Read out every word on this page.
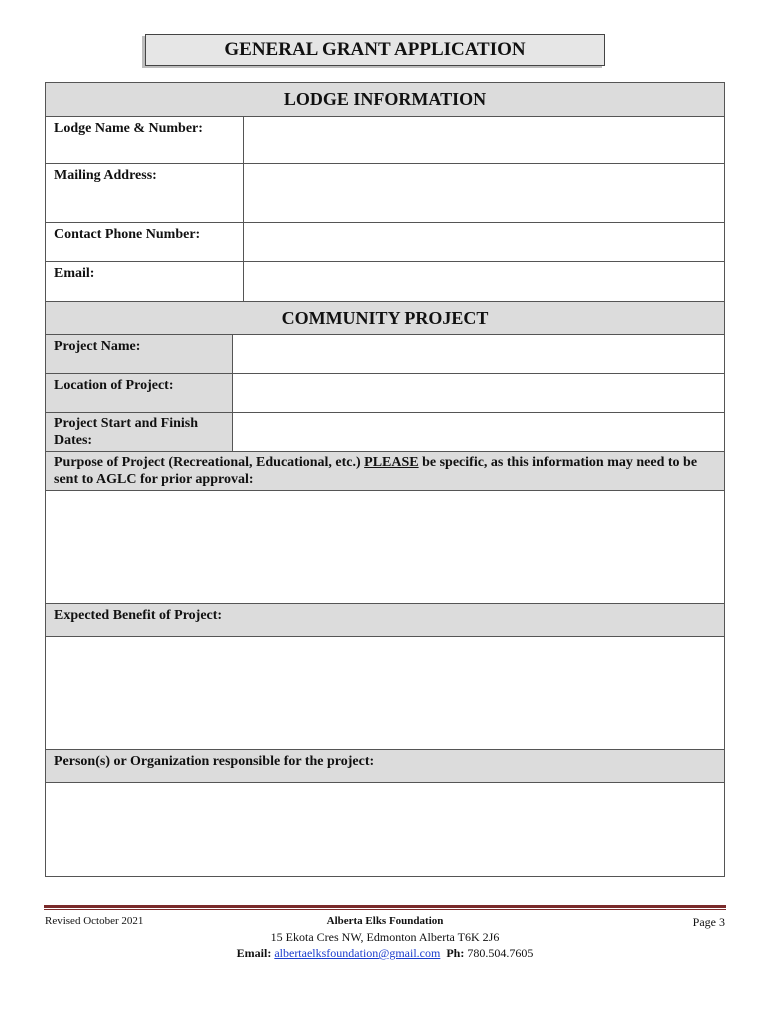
GENERAL GRANT APPLICATION
LODGE INFORMATION
Lodge Name & Number:
Mailing Address:
Contact Phone Number:
Email:
COMMUNITY PROJECT
Project Name:
Location of Project:
Project Start and Finish Dates:
Purpose of Project (Recreational, Educational, etc.) PLEASE be specific, as this information may need to be sent to AGLC for prior approval:
Expected Benefit of Project:
Person(s) or Organization responsible for the project:
Revised October 2021	Alberta Elks Foundation	Page 3
15 Ekota Cres NW, Edmonton Alberta T6K 2J6
Email: albertaelksfoundation@gmail.com Ph: 780.504.7605
